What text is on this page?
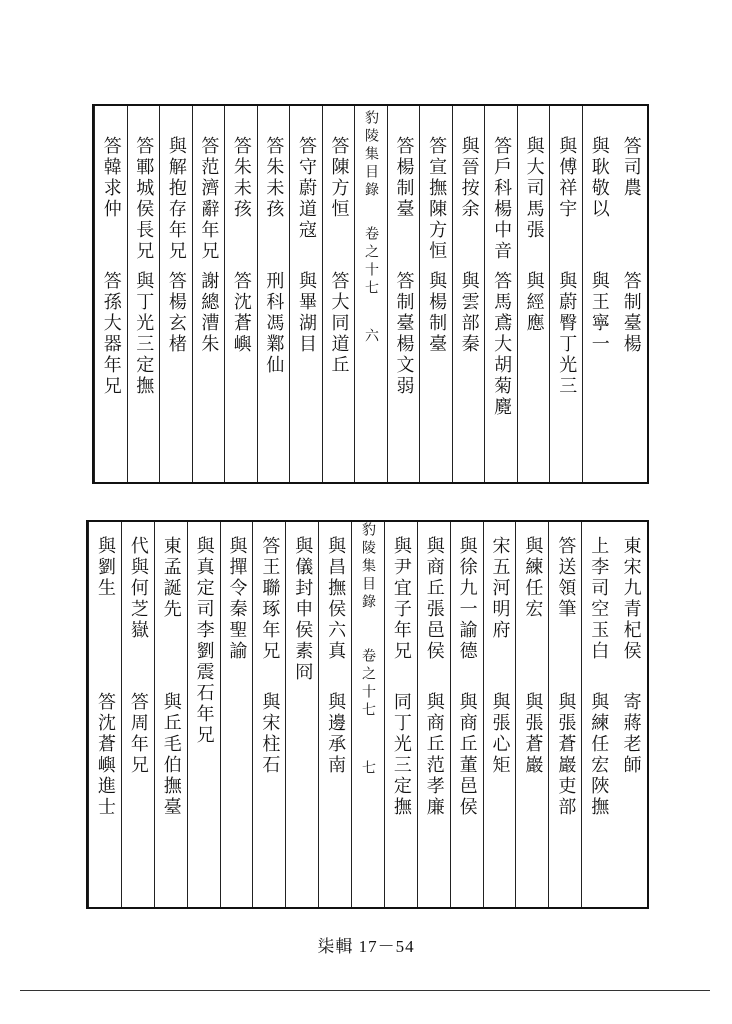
答司農
答制臺楊
與耿敬以
與王寧一
與傅祥宇
與蔚臀丁光三
與大司馬張
與經應
答戶科楊中音
答馬鳶大胡菊麑
與晉按余
與雲部秦
答宣撫陳方恒
與楊制臺
答楊制臺
答制臺楊文弱
豹陵集目錄
卷之十七
六
答陳方恒
答大同道丘
答守蔚道寇
與畢湖目
答朱未孩
刑科馮鄴仙
答朱未孩
答沈蒼嶼
答范濟辭年兄
謝總漕朱
與解抱存年兄
答楊玄楮
答鄆城侯長兄
與丁光三定撫
答韓求仲
答孫大器年兄
東宋九青杞侯
寄蔣老師
上李司空玉白
與練任宏陜撫
答送領筆
與張蒼巖吏部
與練任宏
與張蒼巖
宋五河明府
與張心矩
與徐九一諭德
與商丘董邑侯
與商丘張邑侯
與商丘范孝廉
與尹宜子年兄
同丁光三定撫
豹陵集目錄
卷之十七
七
與昌撫侯六真
與邊承南
與儀封申侯素冏
答王聯琢年兄
與宋柱石
與撣令秦聖諭
與真定司李劉震石年兄
東孟誕先
與丘毛伯撫臺
代與何芝嶽
答周年兄
與劉生
答沈蒼嶼進士
柒輯 17－54
